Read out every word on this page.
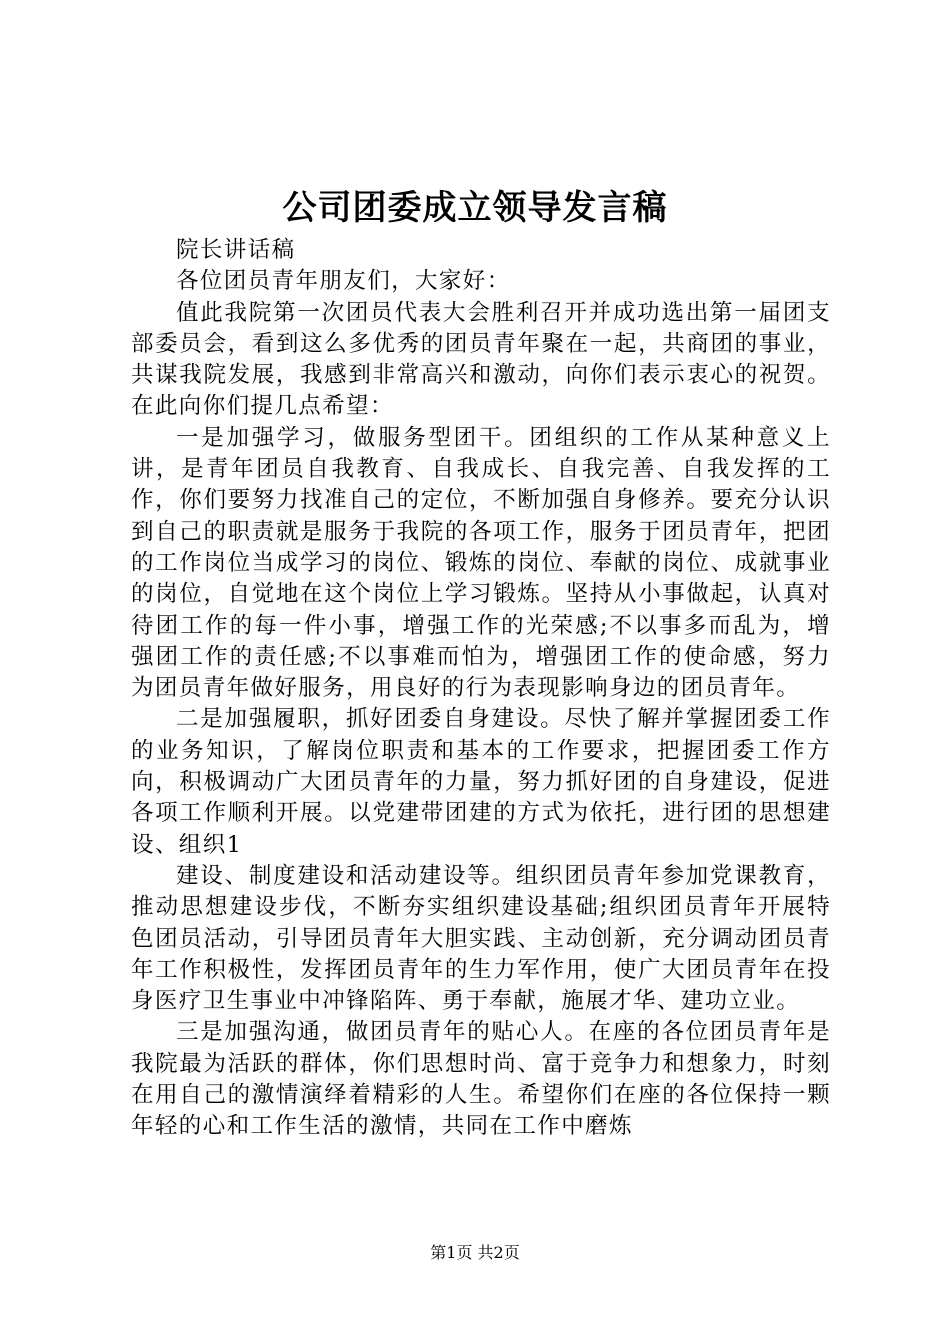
公司团委成立领导发言稿

院长讲话稿

各位团员青年朋友们，大家好：

值此我院第一次团员代表大会胜利召开并成功选出第一届团支部委员会，看到这么多优秀的团员青年聚在一起，共商团的事业，共谋我院发展，我感到非常高兴和激动，向你们表示衷心的祝贺。在此向你们提几点希望：

一是加强学习，做服务型团干。团组织的工作从某种意义上讲，是青年团员自我教育、自我成长、自我完善、自我发挥的工作，你们要努力找准自己的定位，不断加强自身修养。要充分认识到自己的职责就是服务于我院的各项工作，服务于团员青年，把团的工作岗位当成学习的岗位、锻炼的岗位、奉献的岗位、成就事业的岗位，自觉地在这个岗位上学习锻炼。坚持从小事做起，认真对待团工作的每一件小事，增强工作的光荣感;不以事多而乱为，增强团工作的责任感;不以事难而怕为，增强团工作的使命感，努力为团员青年做好服务，用良好的行为表现影响身边的团员青年。

二是加强履职，抓好团委自身建设。尽快了解并掌握团委工作的业务知识，了解岗位职责和基本的工作要求，把握团委工作方向，积极调动广大团员青年的力量，努力抓好团的自身建设，促进各项工作顺利开展。以党建带团建的方式为依托，进行团的思想建设、组织1

建设、制度建设和活动建设等。组织团员青年参加党课教育，推动思想建设步伐，不断夯实组织建设基础;组织团员青年开展特色团员活动，引导团员青年大胆实践、主动创新，充分调动团员青年工作积极性，发挥团员青年的生力军作用，使广大团员青年在投身医疗卫生事业中冲锋陷阵、勇于奉献，施展才华、建功立业。

三是加强沟通，做团员青年的贴心人。在座的各位团员青年是我院最为活跃的群体，你们思想时尚、富于竞争力和想象力，时刻在用自己的激情演绎着精彩的人生。希望你们在座的各位保持一颗年轻的心和工作生活的激情，共同在工作中磨炼

第1页 共2页
